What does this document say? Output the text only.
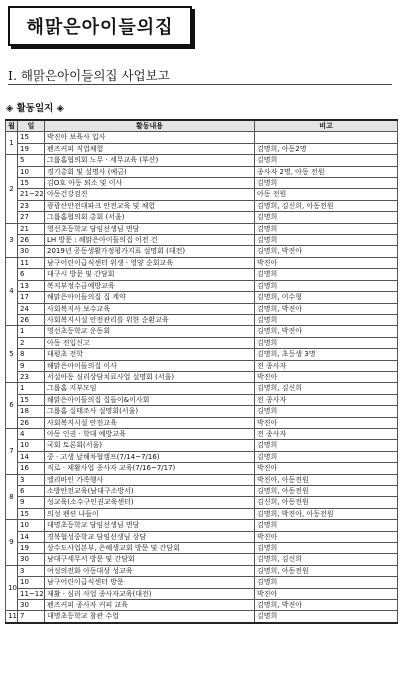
해맑은아이들의집
Ⅰ. 해맑은아이들의집 사업보고
◈ 활동일지 ◈
월	일	활동내용	비고
1	15	박진아 보육사 입사	
	19	펜즈커피 직업체험	김명희, 아동2명
2	5	그룹홈협의회 노무 · 세무교육 (부산)	김명희
	10	경기총회 및 설명사 (예금)	종사자 2명, 아동 전원
	15	김O호 아동 퇴소 및 이사	김명희
	21~22	아동건강검진	아동 전원
	23	광광산안전대파크 안전교육 및 체험	김명희, 김신희, 아동전원
	27	그룹홈협의회 총회 (서울)	김명희
3	21	영선초등학교 담임선생님 면담	김명희
	26	LH 방문 : 해맑은아이들의집 이전 건	김명희
	30	2019년 공동생활가정평가지표 설명회 (대전)	김명희, 박진아
4	11	남구어린이급식센터 위생 · 영양 순회교육	박진아
	6	대구시 방문 및 간담회	김명희
	13	복지부정수금예방교육	김명희
	17	해맑은아이들의집 집 계약	김명희, 이수형
	24	사회복지사 보수교육	김명희, 박진아
	26	사회복지시설 안전관리를 위한 순환교육	김명희
5	1	영선초등학교 운동회	김명희, 박진아
	2	아동 전입신고	김명희
	8	대평초 전학	김명희, 초등생 3명
	9	해맑은아이들의집 이사	전 종사자
	23	서설아동 심리상담치료사업 설명회 (서울)	박진아
6	1	그룹홈 지부모임	김명희, 김신희
	15	해맑은아이들의집 집들이&이사회	전 종사자
	18	그룹홈 실태조사 설명회(서울)	김명희
	26	사회복지시설 안전교육	박진아
7	4	아동 인권 · 학대 예방교육	전 종사자
	10	국회 토론회(서울)	김명희
	14	중 · 고생 날해차협캠프(7/14~7/16)	김명희
	16	직로 · 제활사업 종사자 교육(7/16~7/17)	박진아
8	3	엘리바인 가족행사	박진아, 아동전원
	6	소방안전교육(남대구소방서)	김명희, 아동전원
	9	성교육(소수구인권교육센터)	김신희, 아동전원
	15	의성 펜션 나들이	김명희, 박진아, 아동전원
9	10	대명초등학교 담임선생님 면담	김명희
	14	경북협성중학교 담임선생님 상담	박진아
	19	상수도사업본부, 은혜생교회 방문 및 간담회	김명희
	30	남대구세무서 방문 및 간담회	김명희, 김신희
10	3	여성의전화 아동대상 성교육	김명희, 아동전원
	10	남구어린이급식센터 방문	김명희
	11~12	재활 · 심리 사업 종사자교육(대전)	박진아
	30	펜즈커피 종사자 커피 교육	김명희, 박진아
11	7	대명초등학교 참관 수업	김명희
